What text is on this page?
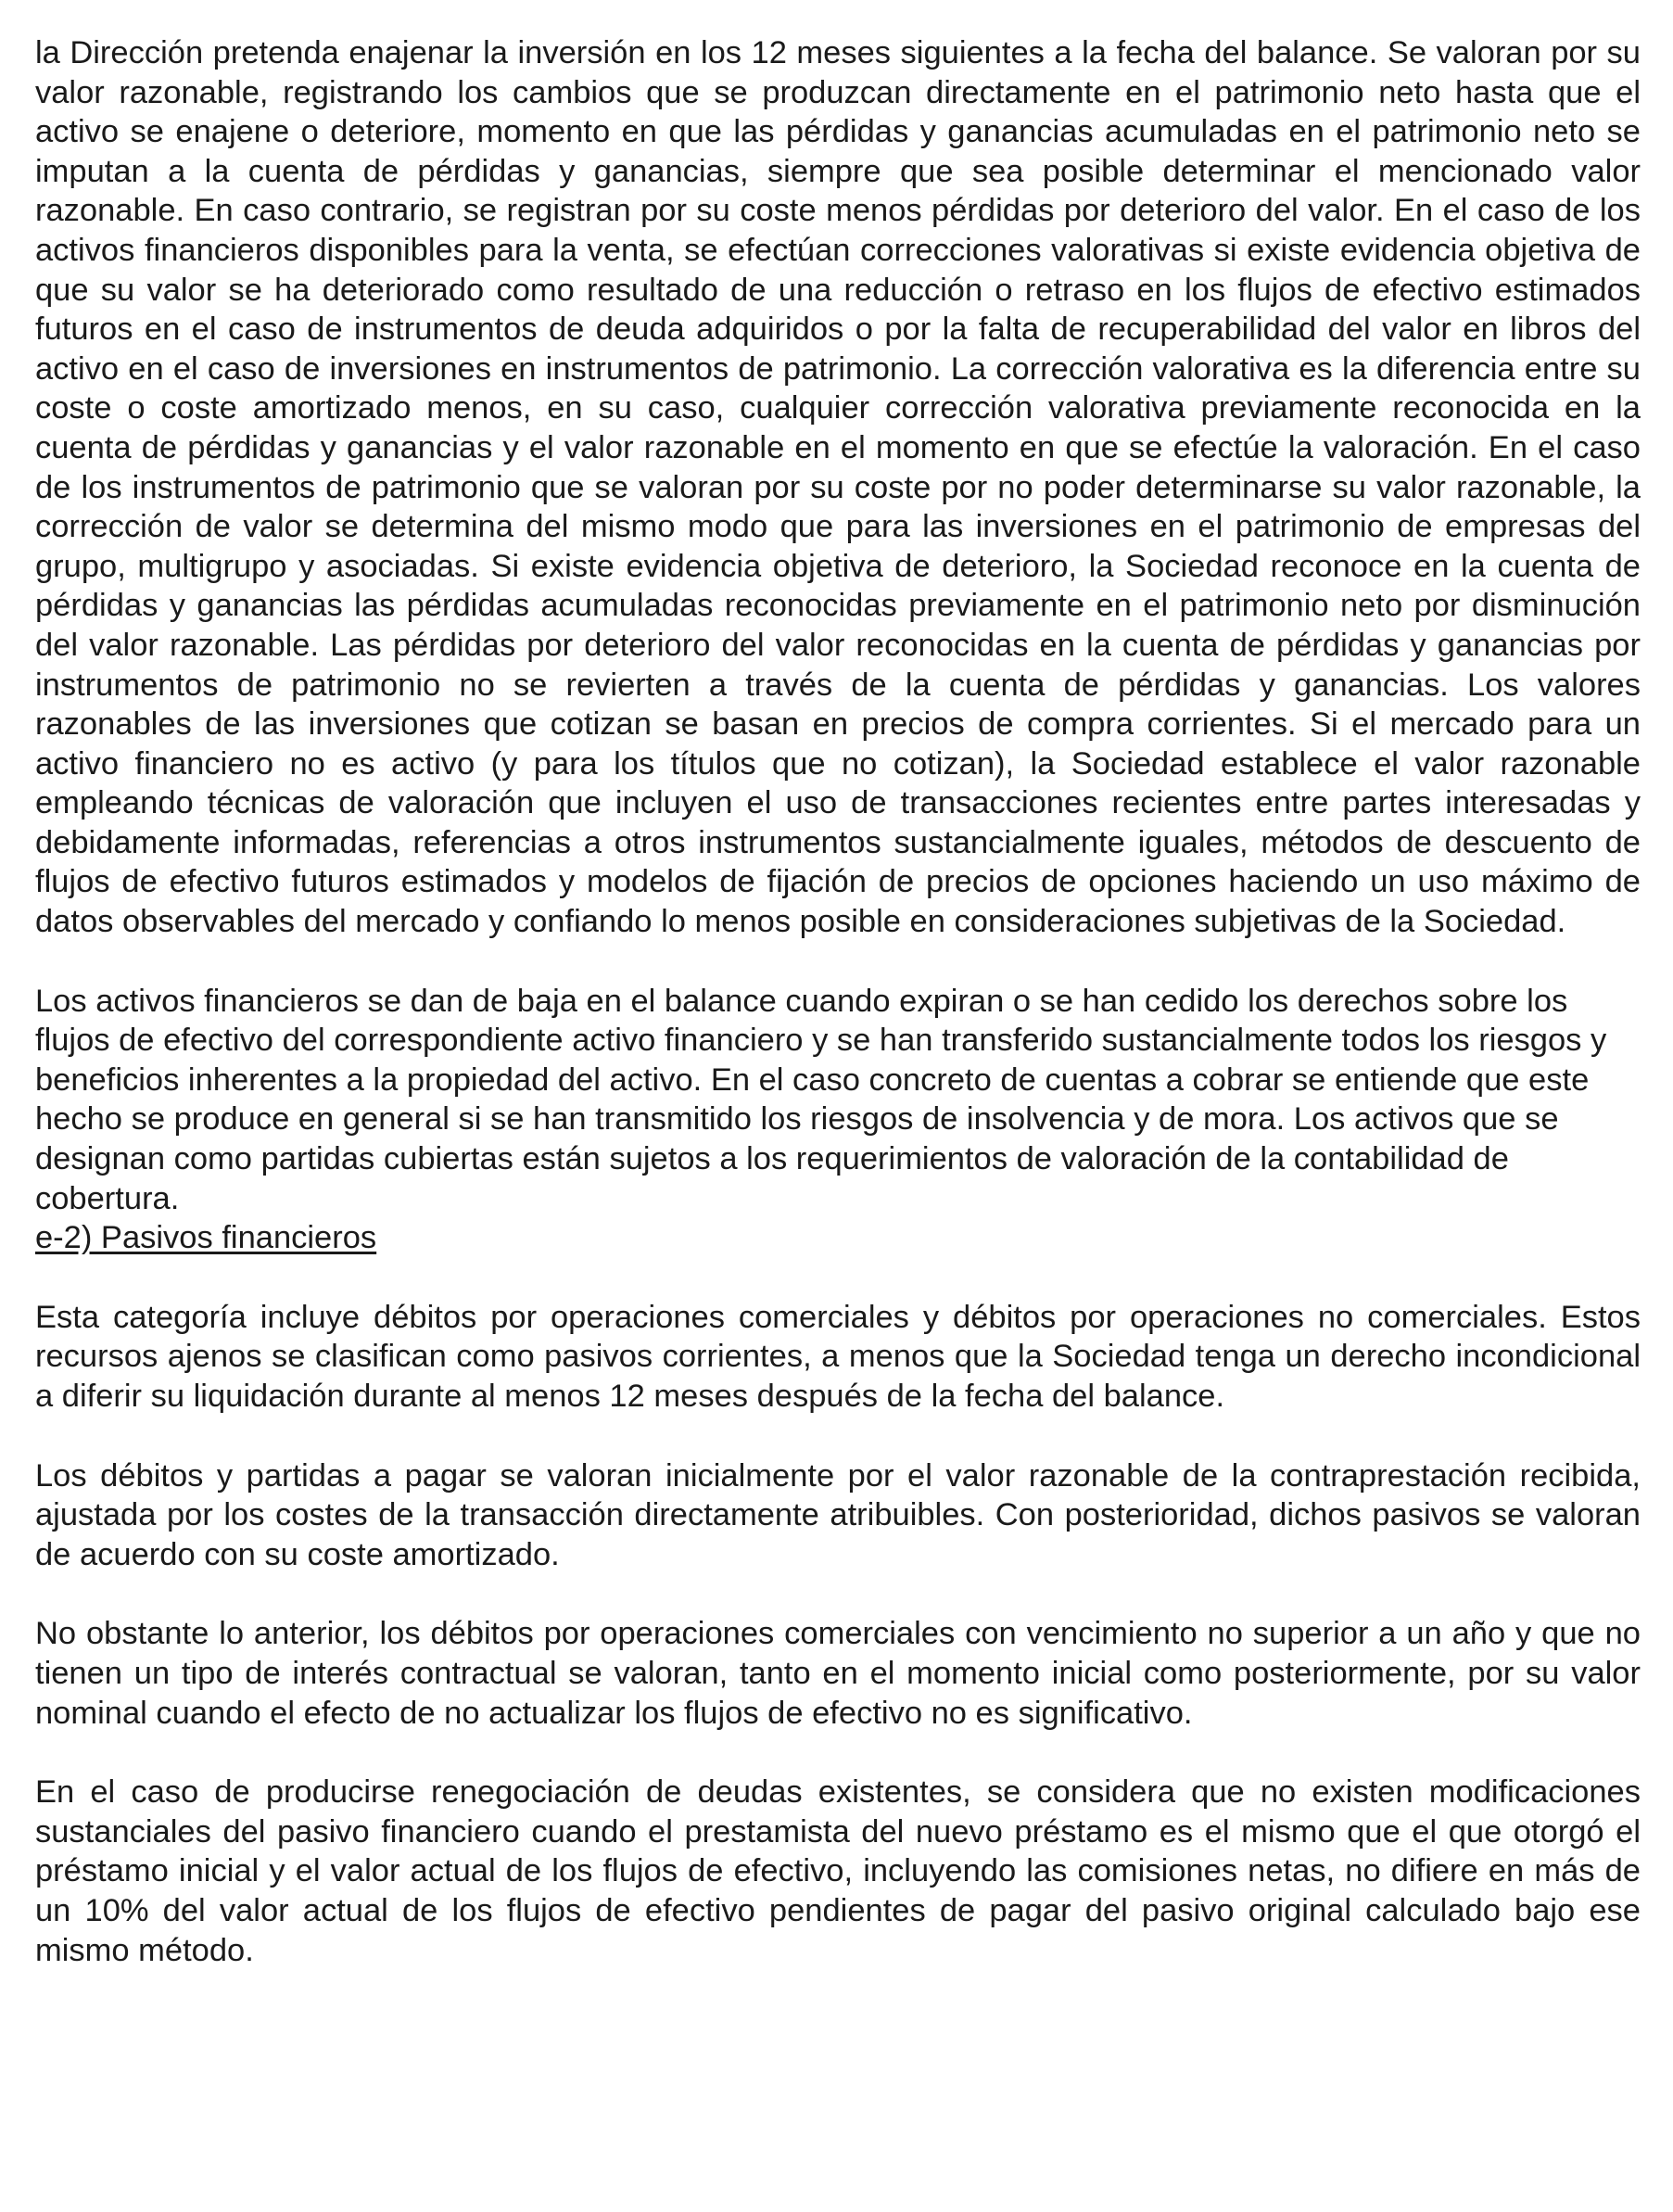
la Dirección pretenda enajenar la inversión en los 12 meses siguientes a la fecha del balance. Se valoran por su valor razonable, registrando los cambios que se produzcan directamente en el patrimonio neto hasta que el activo se enajene o deteriore, momento en que las pérdidas y ganancias acumuladas en el patrimonio neto se imputan a la cuenta de pérdidas y ganancias, siempre que sea posible determinar el mencionado valor razonable. En caso contrario, se registran por su coste menos pérdidas por deterioro del valor. En el caso de los activos financieros disponibles para la venta, se efectúan correcciones valorativas si existe evidencia objetiva de que su valor se ha deteriorado como resultado de una reducción o retraso en los flujos de efectivo estimados futuros en el caso de instrumentos de deuda adquiridos o por la falta de recuperabilidad del valor en libros del activo en el caso de inversiones en instrumentos de patrimonio. La corrección valorativa es la diferencia entre su coste o coste amortizado menos, en su caso, cualquier corrección valorativa previamente reconocida en la cuenta de pérdidas y ganancias y el valor razonable en el momento en que se efectúe la valoración. En el caso de los instrumentos de patrimonio que se valoran por su coste por no poder determinarse su valor razonable, la corrección de valor se determina del mismo modo que para las inversiones en el patrimonio de empresas del grupo, multigrupo y asociadas. Si existe evidencia objetiva de deterioro, la Sociedad reconoce en la cuenta de pérdidas y ganancias las pérdidas acumuladas reconocidas previamente en el patrimonio neto por disminución del valor razonable. Las pérdidas por deterioro del valor reconocidas en la cuenta de pérdidas y ganancias por instrumentos de patrimonio no se revierten a través de la cuenta de pérdidas y ganancias. Los valores razonables de las inversiones que cotizan se basan en precios de compra corrientes. Si el mercado para un activo financiero no es activo (y para los títulos que no cotizan), la Sociedad establece el valor razonable empleando técnicas de valoración que incluyen el uso de transacciones recientes entre partes interesadas y debidamente informadas, referencias a otros instrumentos sustancialmente iguales, métodos de descuento de flujos de efectivo futuros estimados y modelos de fijación de precios de opciones haciendo un uso máximo de datos observables del mercado y confiando lo menos posible en consideraciones subjetivas de la Sociedad.

Los activos financieros se dan de baja en el balance cuando expiran o se han cedido los derechos sobre los flujos de efectivo del correspondiente activo financiero y se han transferido sustancialmente todos los riesgos y beneficios inherentes a la propiedad del activo. En el caso concreto de cuentas a cobrar se entiende que este hecho se produce en general si se han transmitido los riesgos de insolvencia y de mora. Los activos que se designan como partidas cubiertas están sujetos a los requerimientos de valoración de la contabilidad de cobertura.

e-2) Pasivos financieros

Esta categoría incluye débitos por operaciones comerciales y débitos por operaciones no comerciales. Estos recursos ajenos se clasifican como pasivos corrientes, a menos que la Sociedad tenga un derecho incondicional a diferir su liquidación durante al menos 12 meses después de la fecha del balance.

Los débitos y partidas a pagar se valoran inicialmente por el valor razonable de la contraprestación recibida, ajustada por los costes de la transacción directamente atribuibles. Con posterioridad, dichos pasivos se valoran de acuerdo con su coste amortizado.

No obstante lo anterior, los débitos por operaciones comerciales con vencimiento no superior a un año y que no tienen un tipo de interés contractual se valoran, tanto en el momento inicial como posteriormente, por su valor nominal cuando el efecto de no actualizar los flujos de efectivo no es significativo.

En el caso de producirse renegociación de deudas existentes, se considera que no existen modificaciones sustanciales del pasivo financiero cuando el prestamista del nuevo préstamo es el mismo que el que otorgó el préstamo inicial y el valor actual de los flujos de efectivo, incluyendo las comisiones netas, no difiere en más de un 10% del valor actual de los flujos de efectivo pendientes de pagar del pasivo original calculado bajo ese mismo método.
